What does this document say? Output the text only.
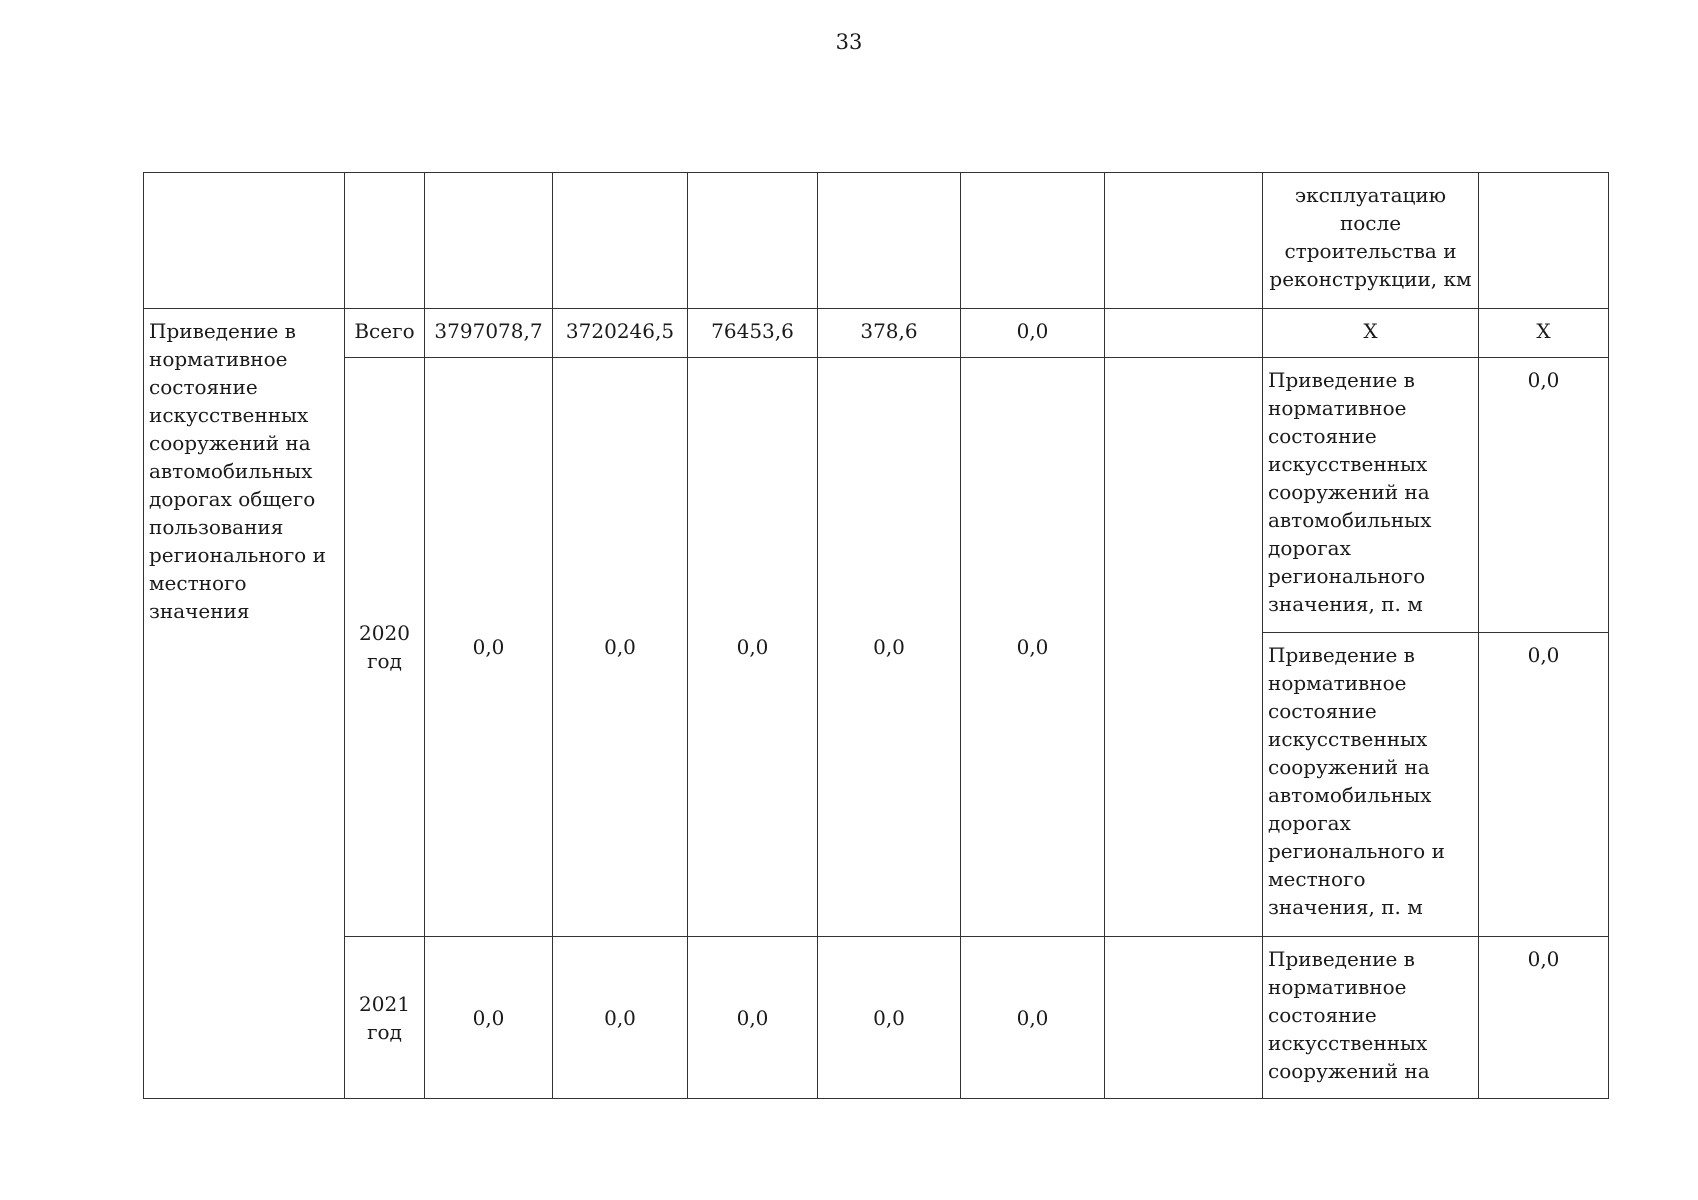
33
								эксплуатацию после строительства и реконструкции, км	
Приведение в нормативное состояние искусственных сооружений на автомобильных дорогах общего пользования регионального и местного значения	Всего	3797078,7	3720246,5	76453,6	378,6	0,0		Х	Х
	2020 год	0,0	0,0	0,0	0,0	0,0		Приведение в нормативное состояние искусственных сооружений на автомобильных дорогах регионального значения, п. м	0,0
								Приведение в нормативное состояние искусственных сооружений на автомобильных дорогах регионального и местного значения, п. м	0,0
	2021 год	0,0	0,0	0,0	0,0	0,0		Приведение в нормативное состояние искусственных сооружений на	0,0
